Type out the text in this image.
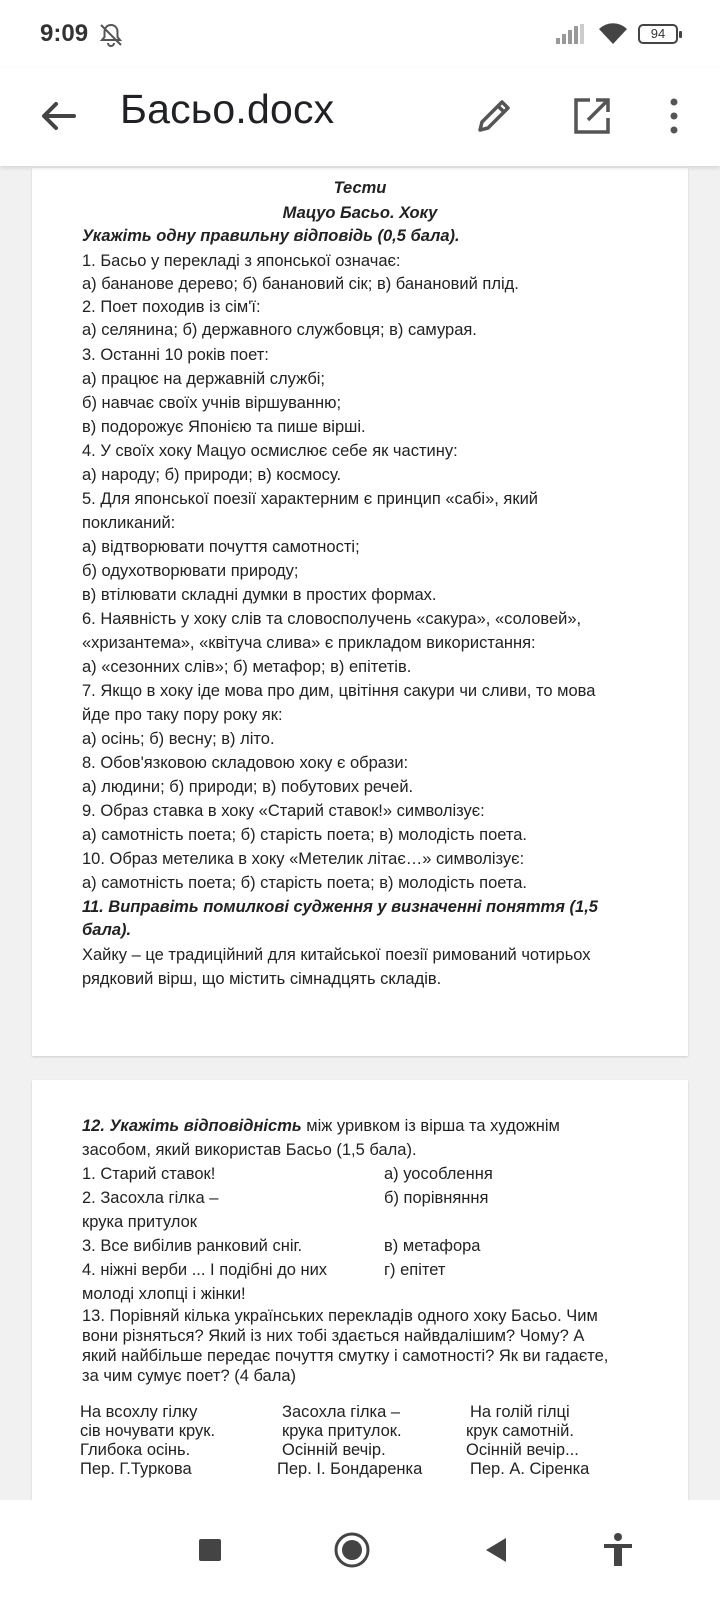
9:09	94
Басьо.docx
Тести
Мацуо Басьо. Хоку
Укажіть одну правильну відповідь (0,5 бала).
1. Басьо у перекладі з японської означає:
а) бананове дерево; б) банановий сік; в) банановий плід.
2. Поет походив із сім'ї:
а) селянина; б) державного службовця; в) самурая.
3. Останні 10 років поет:
а) працює на державній службі;
б) навчає своїх учнів віршуванню;
в) подорожує Японією та пише вірші.
4. У своїх хоку Мацуо осмислює себе як частину:
а) народу; б) природи; в) космосу.
5. Для японської поезії характерним є принцип «сабі», який
покликаний:
а) відтворювати почуття самотності;
б) одухотворювати природу;
в) втілювати складні думки в простих формах.
6. Наявність у хоку слів та словосполучень «сакура», «соловей»,
«хризантема», «квітуча слива» є прикладом використання:
а) «сезонних слів»; б) метафор; в) епітетів.
7. Якщо в хоку іде мова про дим, цвітіння сакури чи сливи, то мова
йде про таку пору року як:
а) осінь; б) весну; в) літо.
8. Обов'язковою складовою хоку є образи:
а) людини; б) природи; в) побутових речей.
9. Образ ставка в хоку «Старий ставок!» символізує:
а) самотність поета; б) старість поета; в) молодість поета.
10. Образ метелика в хоку «Метелик літає…» символізує:
а) самотність поета; б) старість поета; в) молодість поета.
11. Виправіть помилкові судження у визначенні поняття (1,5
бала).
Хайку – це традиційний для китайської поезії римований чотирьох
рядковий вірш, що містить сімнадцять складів.
12. Укажіть відповідність між уривком із вірша та художнім
засобом, який використав Басьо (1,5 бала).
1. Старий ставок!
2. Засохла гілка –
крука притулок
3. Все вибілив ранковий сніг.
4. ніжні верби ... І подібні до них
молоді хлопці і жінки!
а) уособлення
б) порівняння
в) метафора
г) епітет
13. Порівняй кілька українських перекладів одного хоку Басьо. Чим
вони різняться? Який із них тобі здається найвдалішим? Чому? А
який найбільше передає почуття смутку і самотності? Як ви гадаєте,
за чим сумує поет? (4 бала)
На всохлу гілку
сів ночувати крук.
Глибока осінь.
Пер. Г.Туркова
Засохла гілка –
крука притулок.
Осінній вечір.
Пер. І. Бондаренка
На голій гілці
крук самотній.
Осінній вечір...
Пер. А. Сіренка
